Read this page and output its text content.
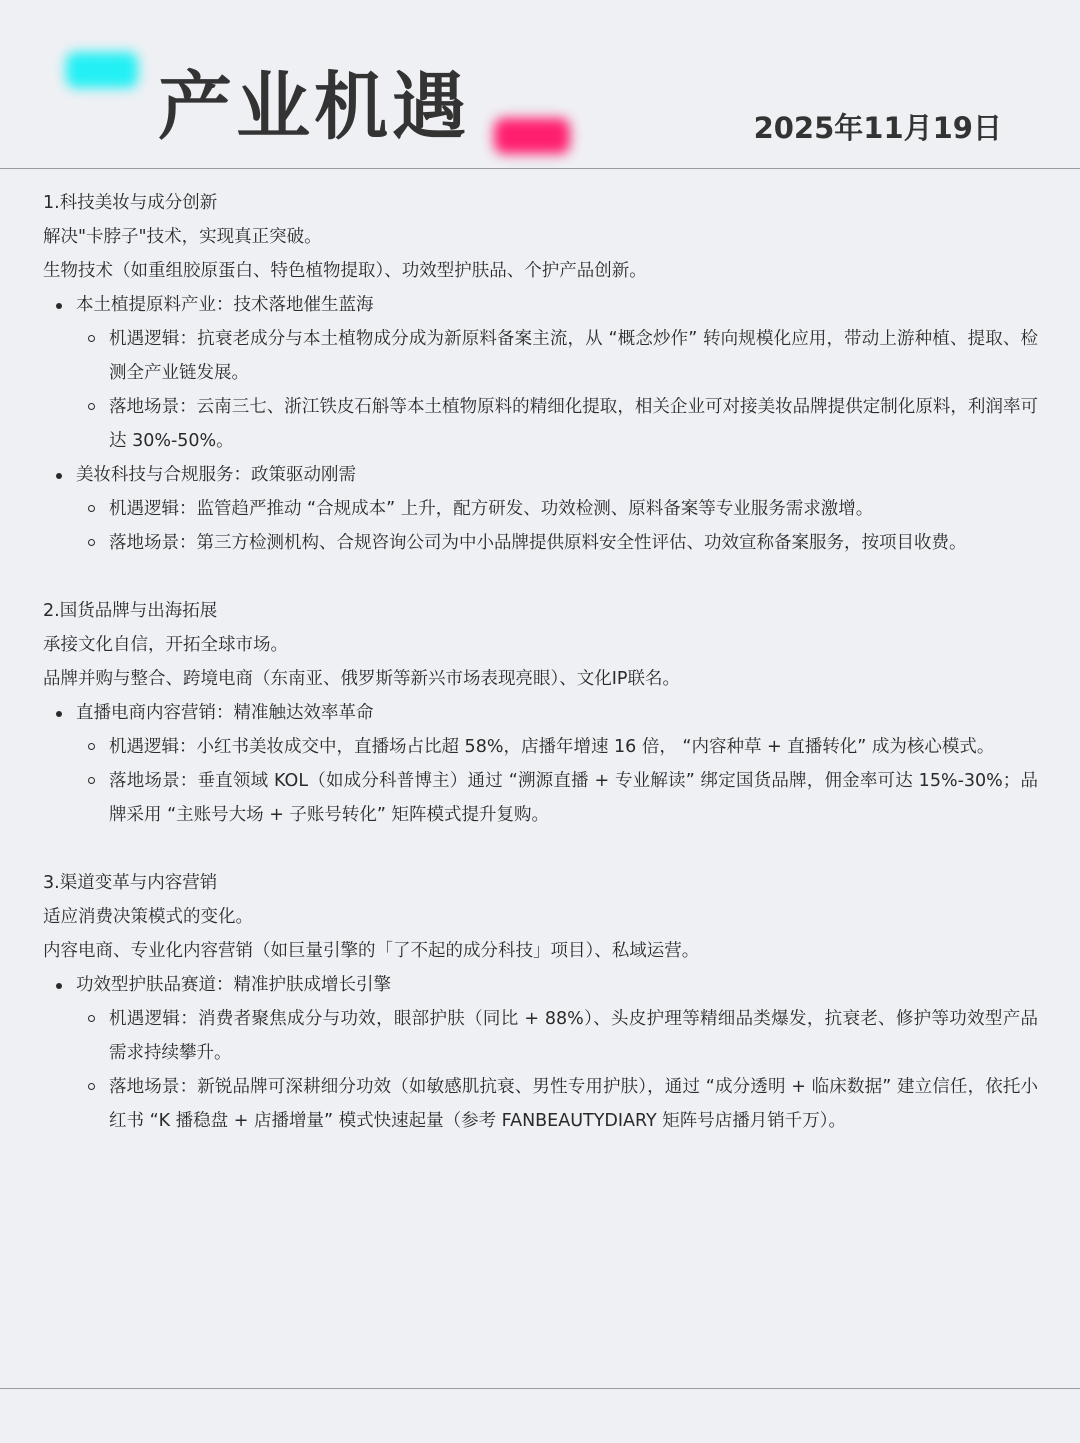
产业机遇	2025年11月19日
1.科技美妆与成分创新
解决"卡脖子"技术，实现真正突破。
生物技术（如重组胶原蛋白、特色植物提取）、功效型护肤品、个护产品创新。
本土植提原料产业：技术落地催生蓝海
机遇逻辑：抗衰老成分与本土植物成分成为新原料备案主流，从 “概念炒作” 转向规模化应用，带动上游种植、提取、检测全产业链发展。
落地场景：云南三七、浙江铁皮石斛等本土植物原料的精细化提取，相关企业可对接美妆品牌提供定制化原料，利润率可达 30%-50%。
美妆科技与合规服务：政策驱动刚需
机遇逻辑：监管趋严推动 “合规成本” 上升，配方研发、功效检测、原料备案等专业服务需求激增。
落地场景：第三方检测机构、合规咨询公司为中小品牌提供原料安全性评估、功效宣称备案服务，按项目收费。
2.国货品牌与出海拓展
承接文化自信，开拓全球市场。
品牌并购与整合、跨境电商（东南亚、俄罗斯等新兴市场表现亮眼）、文化IP联名。
直播电商内容营销：精准触达效率革命
机遇逻辑：小红书美妆成交中，直播场占比超 58%，店播年增速 16 倍， “内容种草 + 直播转化” 成为核心模式。
落地场景：垂直领域 KOL（如成分科普博主）通过 “溯源直播 + 专业解读” 绑定国货品牌，佣金率可达 15%-30%；品牌采用 “主账号大场 + 子账号转化” 矩阵模式提升复购。
3.渠道变革与内容营销
适应消费决策模式的变化。
内容电商、专业化内容营销（如巨量引擎的「了不起的成分科技」项目）、私域运营。
功效型护肤品赛道：精准护肤成增长引擎
机遇逻辑：消费者聚焦成分与功效，眼部护肤（同比 + 88%）、头皮护理等精细品类爆发，抗衰老、修护等功效型产品需求持续攀升。
落地场景：新锐品牌可深耕细分功效（如敏感肌抗衰、男性专用护肤），通过 “成分透明 + 临床数据” 建立信任，依托小红书 “K 播稳盘 + 店播增量” 模式快速起量（参考 FANBEAUTYDIARY 矩阵号店播月销千万）。
